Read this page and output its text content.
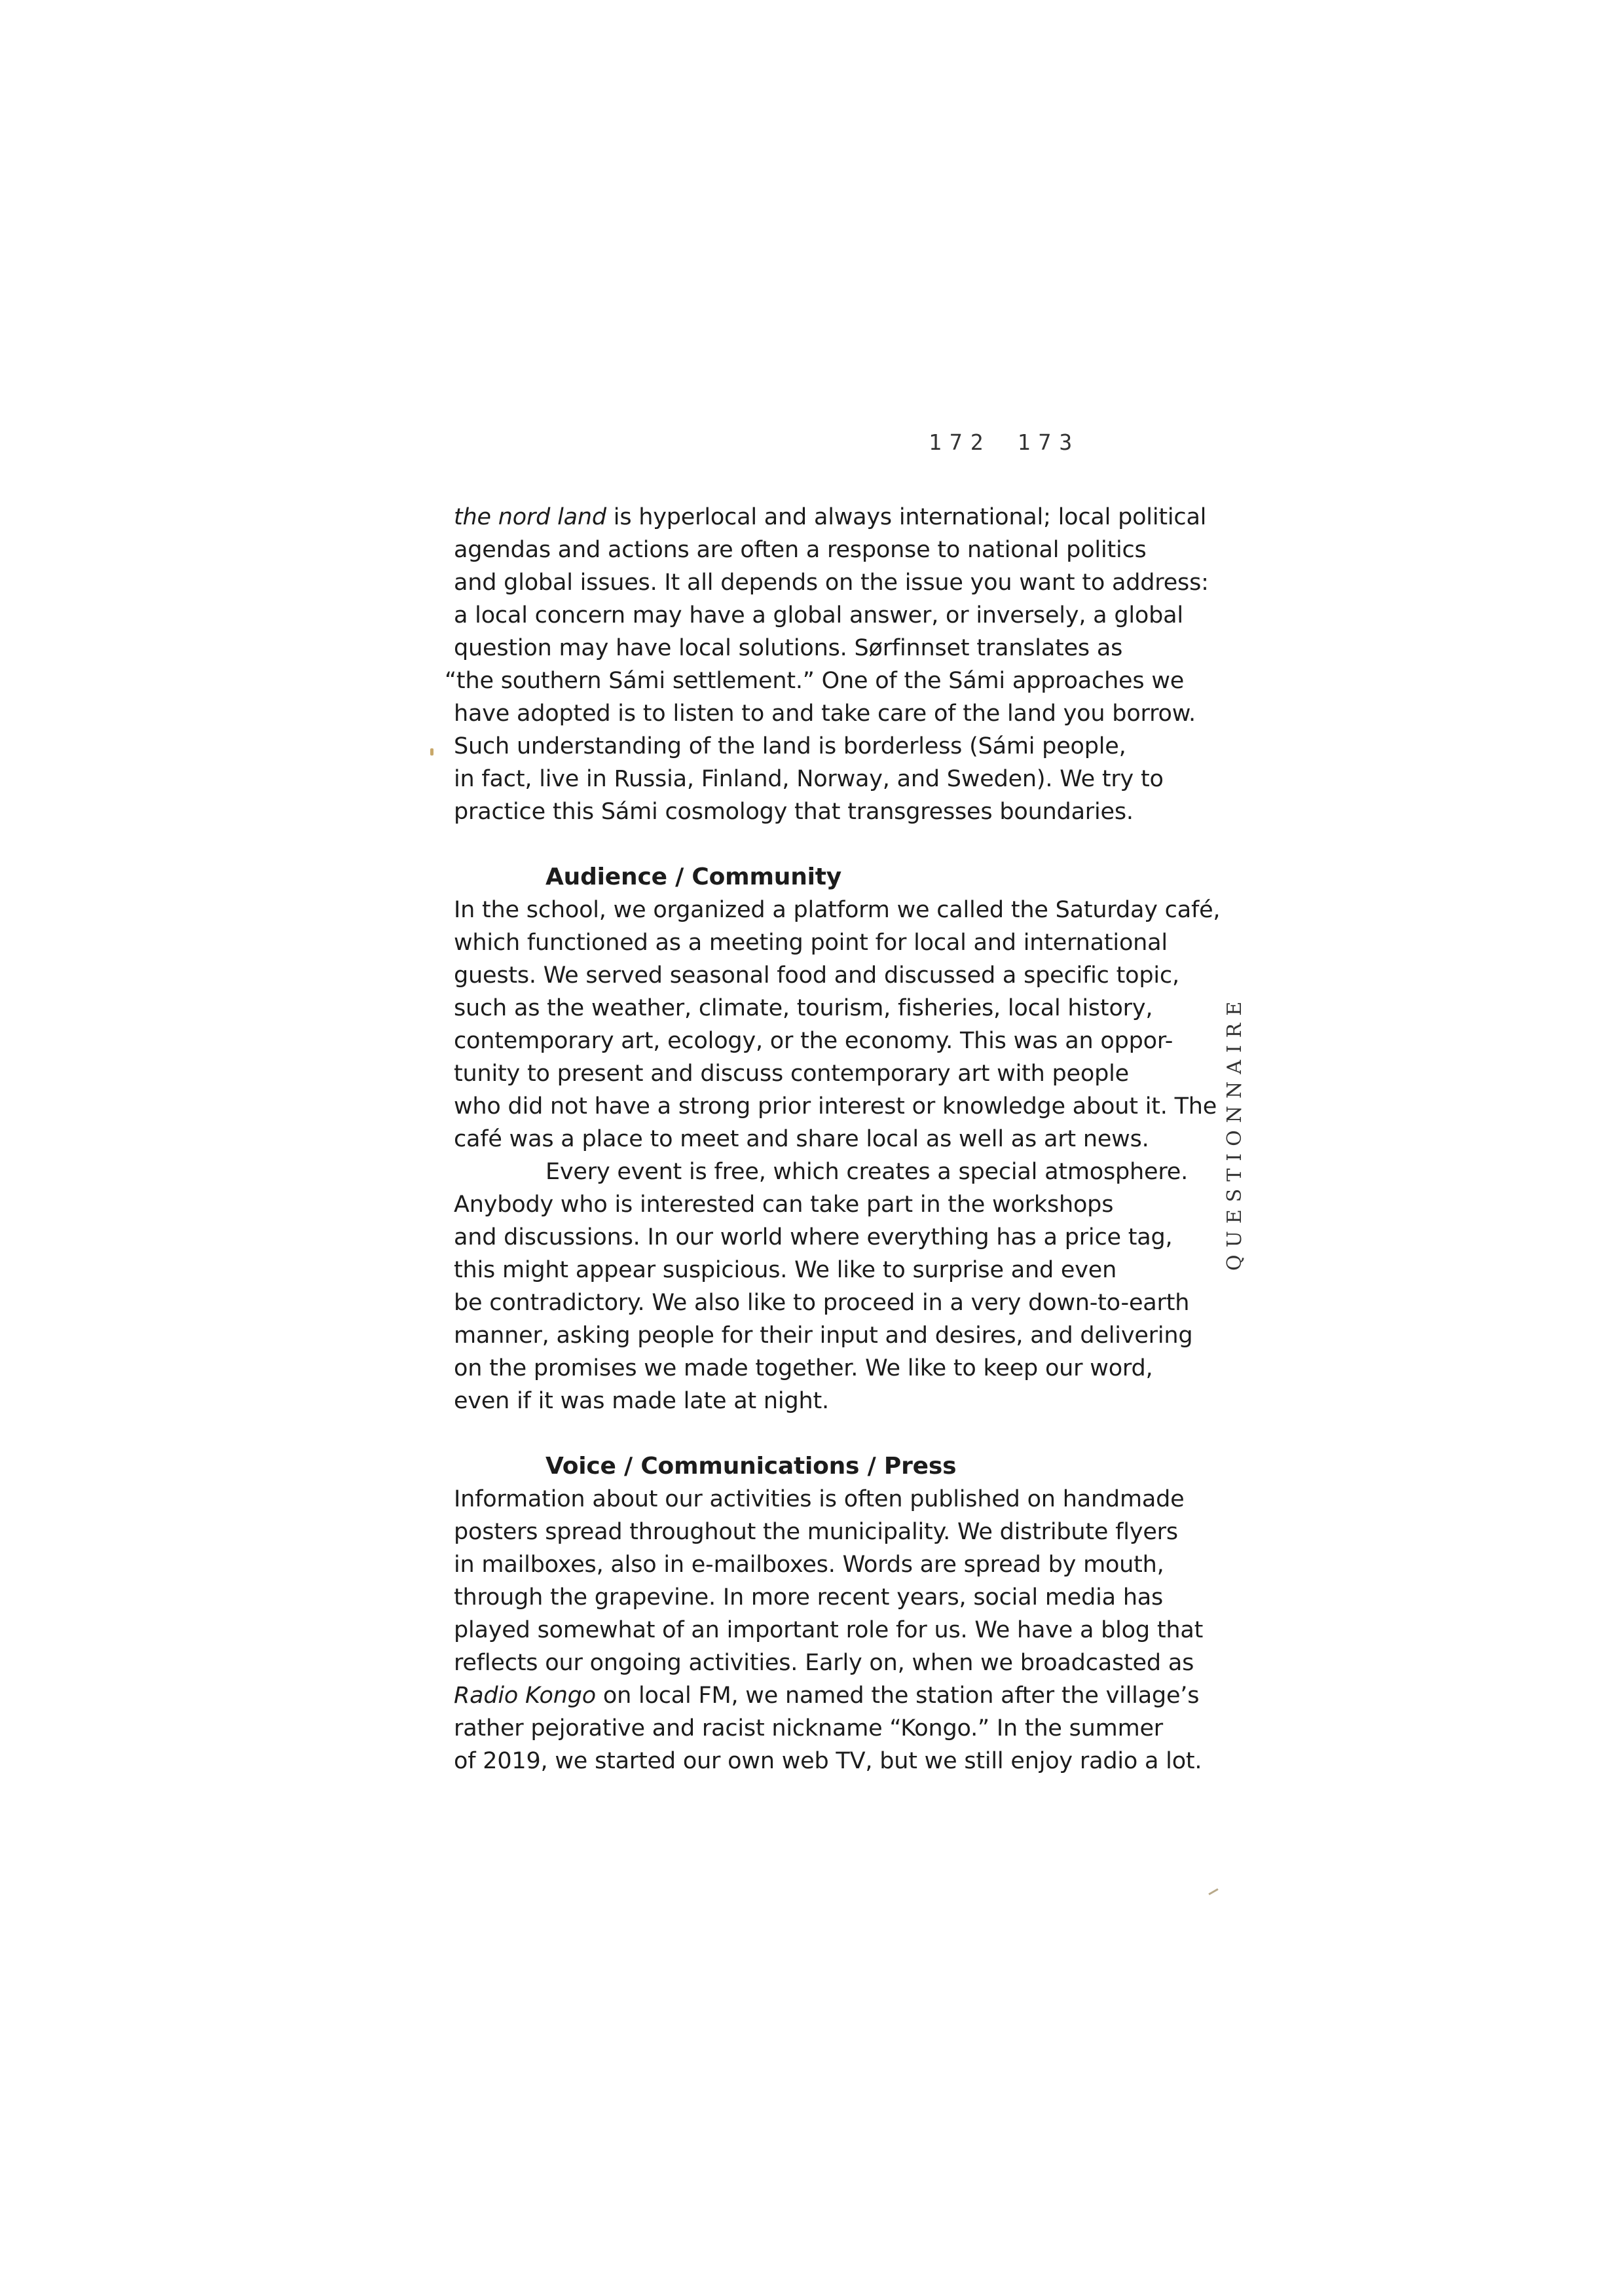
172 173
the nord land is hyperlocal and always international; local political
agendas and actions are often a response to national politics
and global issues. It all depends on the issue you want to address:
a local concern may have a global answer, or inversely, a global
question may have local solutions. Sørfinnset translates as
“the southern Sámi settlement.” One of the Sámi approaches we
have adopted is to listen to and take care of the land you borrow.
Such understanding of the land is borderless (Sámi people,
in fact, live in Russia, Finland, Norway, and Sweden). We try to
practice this Sámi cosmology that transgresses boundaries.
Audience / Community
In the school, we organized a platform we called the Saturday café,
which functioned as a meeting point for local and international
guests. We served seasonal food and discussed a specific topic,
such as the weather, climate, tourism, fisheries, local history,
contemporary art, ecology, or the economy. This was an oppor-
tunity to present and discuss contemporary art with people
who did not have a strong prior interest or knowledge about it. The
café was a place to meet and share local as well as art news.
Every event is free, which creates a special atmosphere.
Anybody who is interested can take part in the workshops
and discussions. In our world where everything has a price tag,
this might appear suspicious. We like to surprise and even
be contradictory. We also like to proceed in a very down-to-earth
manner, asking people for their input and desires, and delivering
on the promises we made together. We like to keep our word,
even if it was made late at night.
Voice / Communications / Press
Information about our activities is often published on handmade
posters spread throughout the municipality. We distribute flyers
in mailboxes, also in e-mailboxes. Words are spread by mouth,
through the grapevine. In more recent years, social media has
played somewhat of an important role for us. We have a blog that
reflects our ongoing activities. Early on, when we broadcasted as
Radio Kongo on local FM, we named the station after the village’s
rather pejorative and racist nickname “Kongo.” In the summer
of 2019, we started our own web TV, but we still enjoy radio a lot.
QUESTIONNAIRE
